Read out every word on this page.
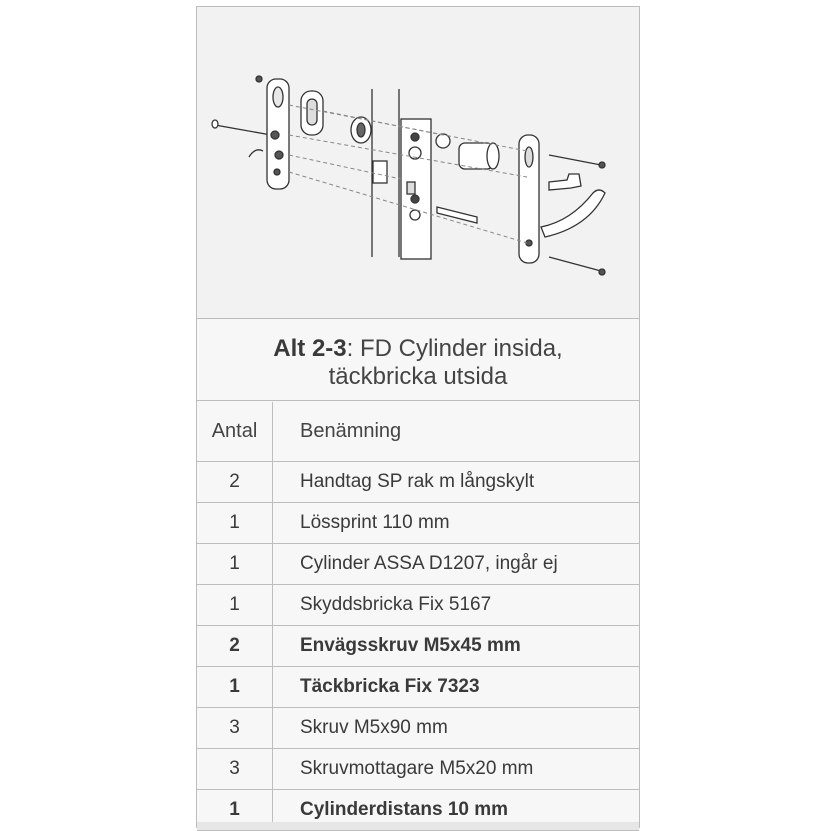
Alt 2-3: FD Cylinder insida,
täckbricka utsida
Antal	Benämning
2	Handtag SP rak m långskylt
1	Lössprint 110 mm
1	Cylinder ASSA D1207, ingår ej
1	Skyddsbricka Fix 5167
2	Envägsskruv M5x45 mm
1	Täckbricka Fix 7323
3	Skruv M5x90 mm
3	Skruvmottagare M5x20 mm
1	Cylinderdistans 10 mm
